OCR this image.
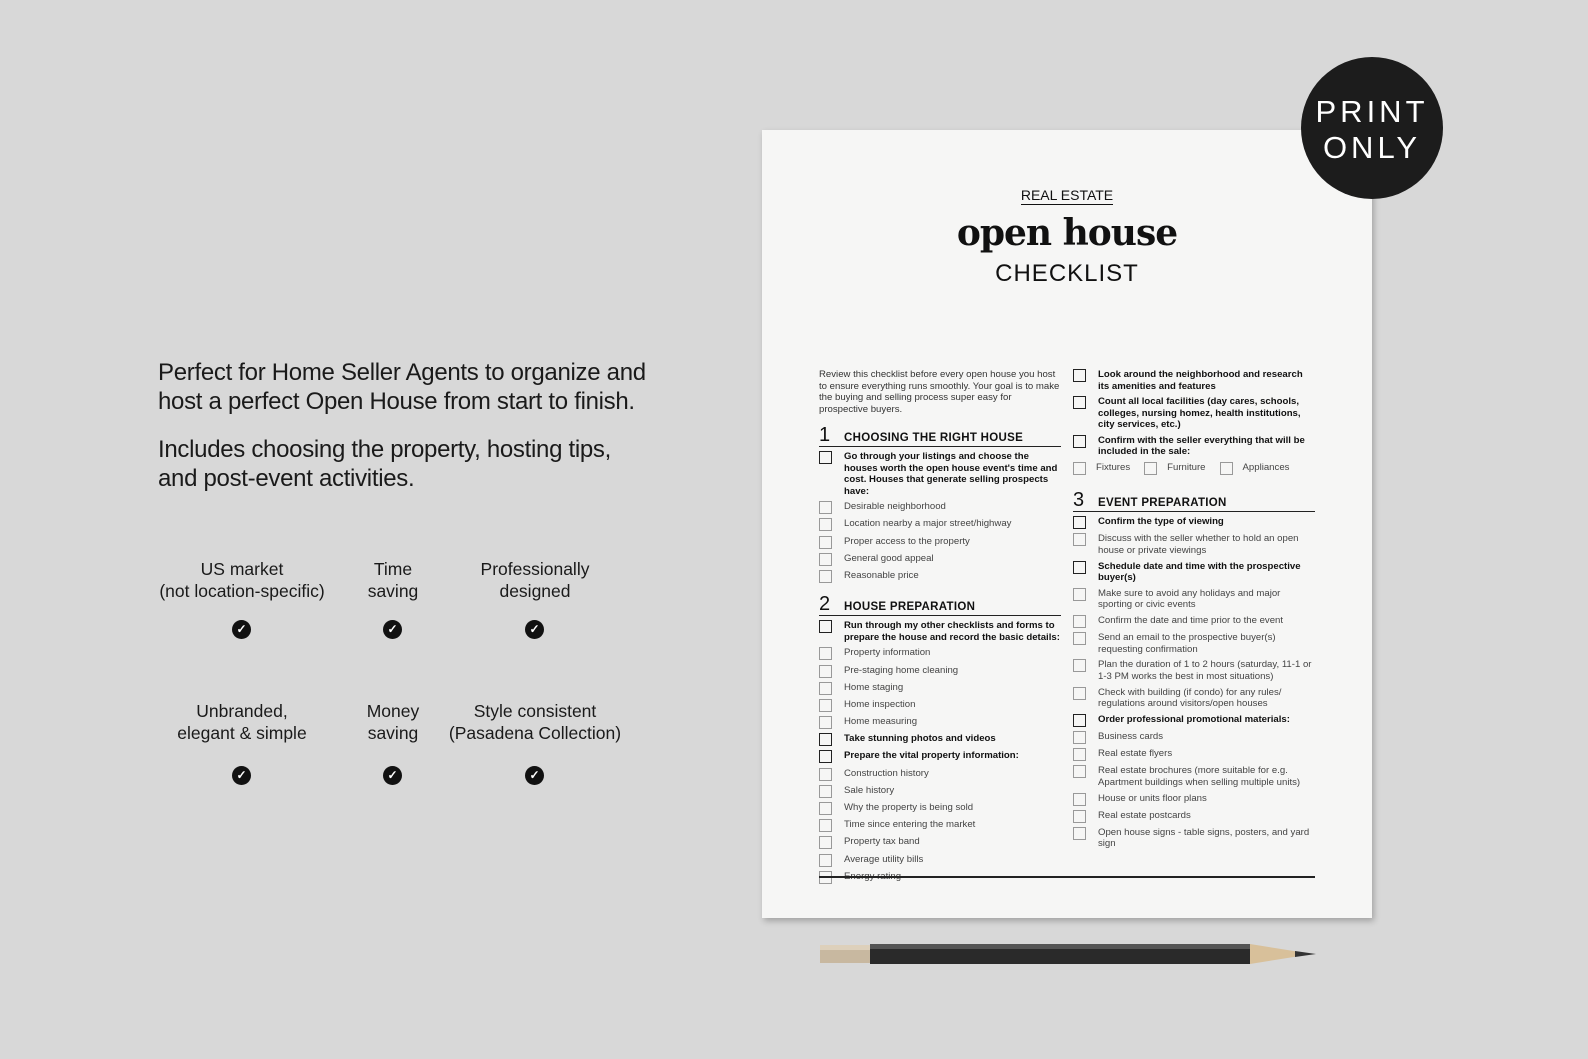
Perfect for Home Seller Agents to organize and host a perfect Open House from start to finish.

Includes choosing the property, hosting tips, and post-event activities.

US market
(not location-specific)
✓
Time
saving
✓
Professionally
designed
✓
Unbranded,
elegant & simple
✓
Money
saving
✓
Style consistent
(Pasadena Collection)
✓
REAL ESTATE
open house
CHECKLIST
Review this checklist before every open house you host to ensure everything runs smoothly. Your goal is to make the buying and selling process super easy for prospective buyers.
1	CHOOSING THE RIGHT HOUSE
Go through your listings and choose the houses worth the open house event's time and cost. Houses that generate selling prospects have:
Desirable neighborhood
Location nearby a major street/highway
Proper access to the property
General good appeal
Reasonable price
2	HOUSE PREPARATION
Run through my other checklists and forms to prepare the house and record the basic details:
Property information
Pre-staging home cleaning
Home staging
Home inspection
Home measuring
Take stunning photos and videos
Prepare the vital property information:
Construction history
Sale history
Why the property is being sold
Time since entering the market
Property tax band
Average utility bills
Energy rating
Look around the neighborhood and research its amenities and features
Count all local facilities (day cares, schools, colleges, nursing homez, health institutions, city services, etc.)
Confirm with the seller everything that will be included in the sale:
Fixtures	Furniture	Appliances
3	EVENT PREPARATION
Confirm the type of viewing
Discuss with the seller whether to hold an open house or private viewings
Schedule date and time with the prospective buyer(s)
Make sure to avoid any holidays and major sporting or civic events
Confirm the date and time prior to the event
Send an email to the prospective buyer(s) requesting confirmation
Plan the duration of 1 to 2 hours (saturday, 11-1 or 1-3 PM works the best in most situations)
Check with building (if condo) for any rules/ regulations around visitors/open houses
Order professional promotional materials:
Business cards
Real estate flyers
Real estate brochures (more suitable for e.g. Apartment buildings when selling multiple units)
House or units floor plans
Real estate postcards
Open house signs - table signs, posters, and yard sign
PRINT
ONLY
